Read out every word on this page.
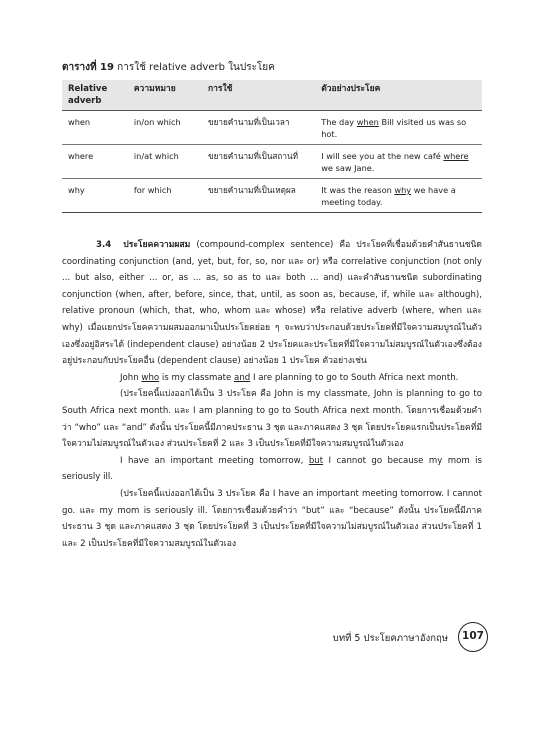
ตารางที่ 19 การใช้ relative adverb ในประโยค
Relative adverb	ความหมาย	การใช้	ตัวอย่างประโยค
when	in/on which	ขยายคำนามที่เป็นเวลา	The day when Bill visited us was so hot.
where	in/at which	ขยายคำนามที่เป็นสถานที่	I will see you at the new café where we saw Jane.
why	for which	ขยายคำนามที่เป็นเหตุผล	It was the reason why we have a meeting today.

3.4 ประโยคความผสม (compound-complex sentence) คือ ประโยคที่เชื่อมด้วยคำสันธานชนิด coordinating conjunction (and, yet, but, for, so, nor และ or) หรือ correlative conjunction (not only ... but also, either ... or, as ... as, so as to และ both ... and) และคำสันธานชนิด subordinating conjunction (when, after, before, since, that, until, as soon as, because, if, while และ although), relative pronoun (which, that, who, whom และ whose) หรือ relative adverb (where, when และ why) เมื่อแยกประโยคความผสมออกมาเป็นประโยคย่อย ๆ จะพบว่าประกอบด้วยประโยคที่มีใจความสมบูรณ์ในตัวเองซึ่งอยู่อิสระได้ (independent clause) อย่างน้อย 2 ประโยคและประโยคที่มีใจความไม่สมบูรณ์ในตัวเองซึ่งต้องอยู่ประกอบกับประโยคอื่น (dependent clause) อย่างน้อย 1 ประโยค ตัวอย่างเช่น

John who is my classmate and I are planning to go to South Africa next month.

(ประโยคนี้แบ่งออกได้เป็น 3 ประโยค คือ John is my classmate, John is planning to go to South Africa next month. และ I am planning to go to South Africa next month. โดยการเชื่อมด้วยคำว่า “who” และ “and” ดังนั้น ประโยคนี้มีภาคประธาน 3 ชุด และภาคแสดง 3 ชุด โดยประโยคแรกเป็นประโยคที่มีใจความไม่สมบูรณ์ในตัวเอง ส่วนประโยคที่ 2 และ 3 เป็นประโยคที่มีใจความสมบูรณ์ในตัวเอง

I have an important meeting tomorrow, but I cannot go because my mom is seriously ill.

(ประโยคนี้แบ่งออกได้เป็น 3 ประโยค คือ I have an important meeting tomorrow. I cannot go. และ my mom is seriously ill. โดยการเชื่อมด้วยคำว่า “but” และ “because” ดังนั้น ประโยคนี้มีภาคประธาน 3 ชุด และภาคแสดง 3 ชุด โดยประโยคที่ 3 เป็นประโยคที่มีใจความไม่สมบูรณ์ในตัวเอง ส่วนประโยคที่ 1 และ 2 เป็นประโยคที่มีใจความสมบูรณ์ในตัวเอง

บทที่ 5 ประโยคภาษาอังกฤษ	107
